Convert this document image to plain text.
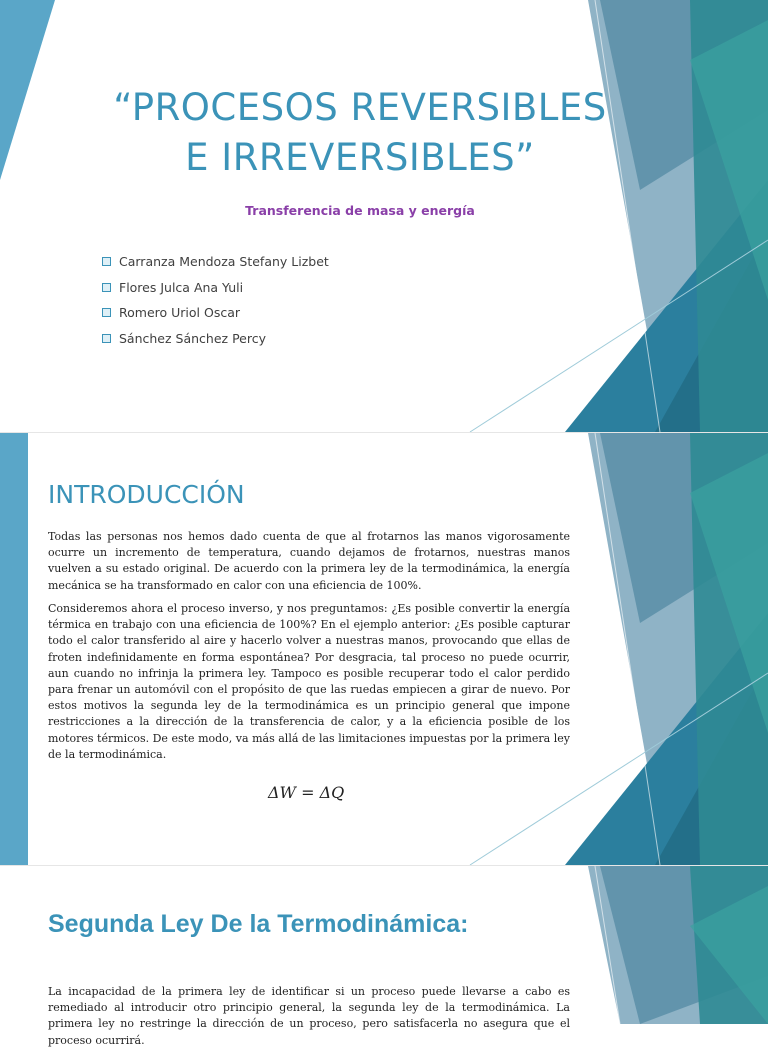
“PROCESOS REVERSIBLES
E IRREVERSIBLES”

Transferencia de masa y energía

Carranza Mendoza Stefany Lizbet
Flores Julca Ana Yuli
Romero Uriol Oscar
Sánchez Sánchez Percy
INTRODUCCIÓN

Todas las personas nos hemos dado cuenta de que al frotarnos las manos vigorosamente ocurre un incremento de temperatura, cuando dejamos de frotarnos, nuestras manos vuelven a su estado original. De acuerdo con la primera ley de la termodinámica, la energía mecánica se ha transformado en calor con una eficiencia de 100%.

Consideremos ahora el proceso inverso, y nos preguntamos: ¿Es posible convertir la energía térmica en trabajo con una eficiencia de 100%? En el ejemplo anterior: ¿Es posible capturar todo el calor transferido al aire y hacerlo volver a nuestras manos, provocando que ellas de froten indefinidamente en forma espontánea? Por desgracia, tal proceso no puede ocurrir, aun cuando no infrinja la primera ley. Tampoco es posible recuperar todo el calor perdido para frenar un automóvil con el propósito de que las ruedas empiecen a girar de nuevo. Por estos motivos la segunda ley de la termodinámica es un principio general que impone restricciones a la dirección de la transferencia de calor, y a la eficiencia posible de los motores térmicos. De este modo, va más allá de las limitaciones impuestas por la primera ley de la termodinámica.

ΔW = ΔQ
Segunda Ley De la Termodinámica:

La incapacidad de la primera ley de identificar si un proceso puede llevarse a cabo es remediado al introducir otro principio general, la segunda ley de la termodinámica. La primera ley no restringe la dirección de un proceso, pero satisfacerla no asegura que el proceso ocurrirá.
